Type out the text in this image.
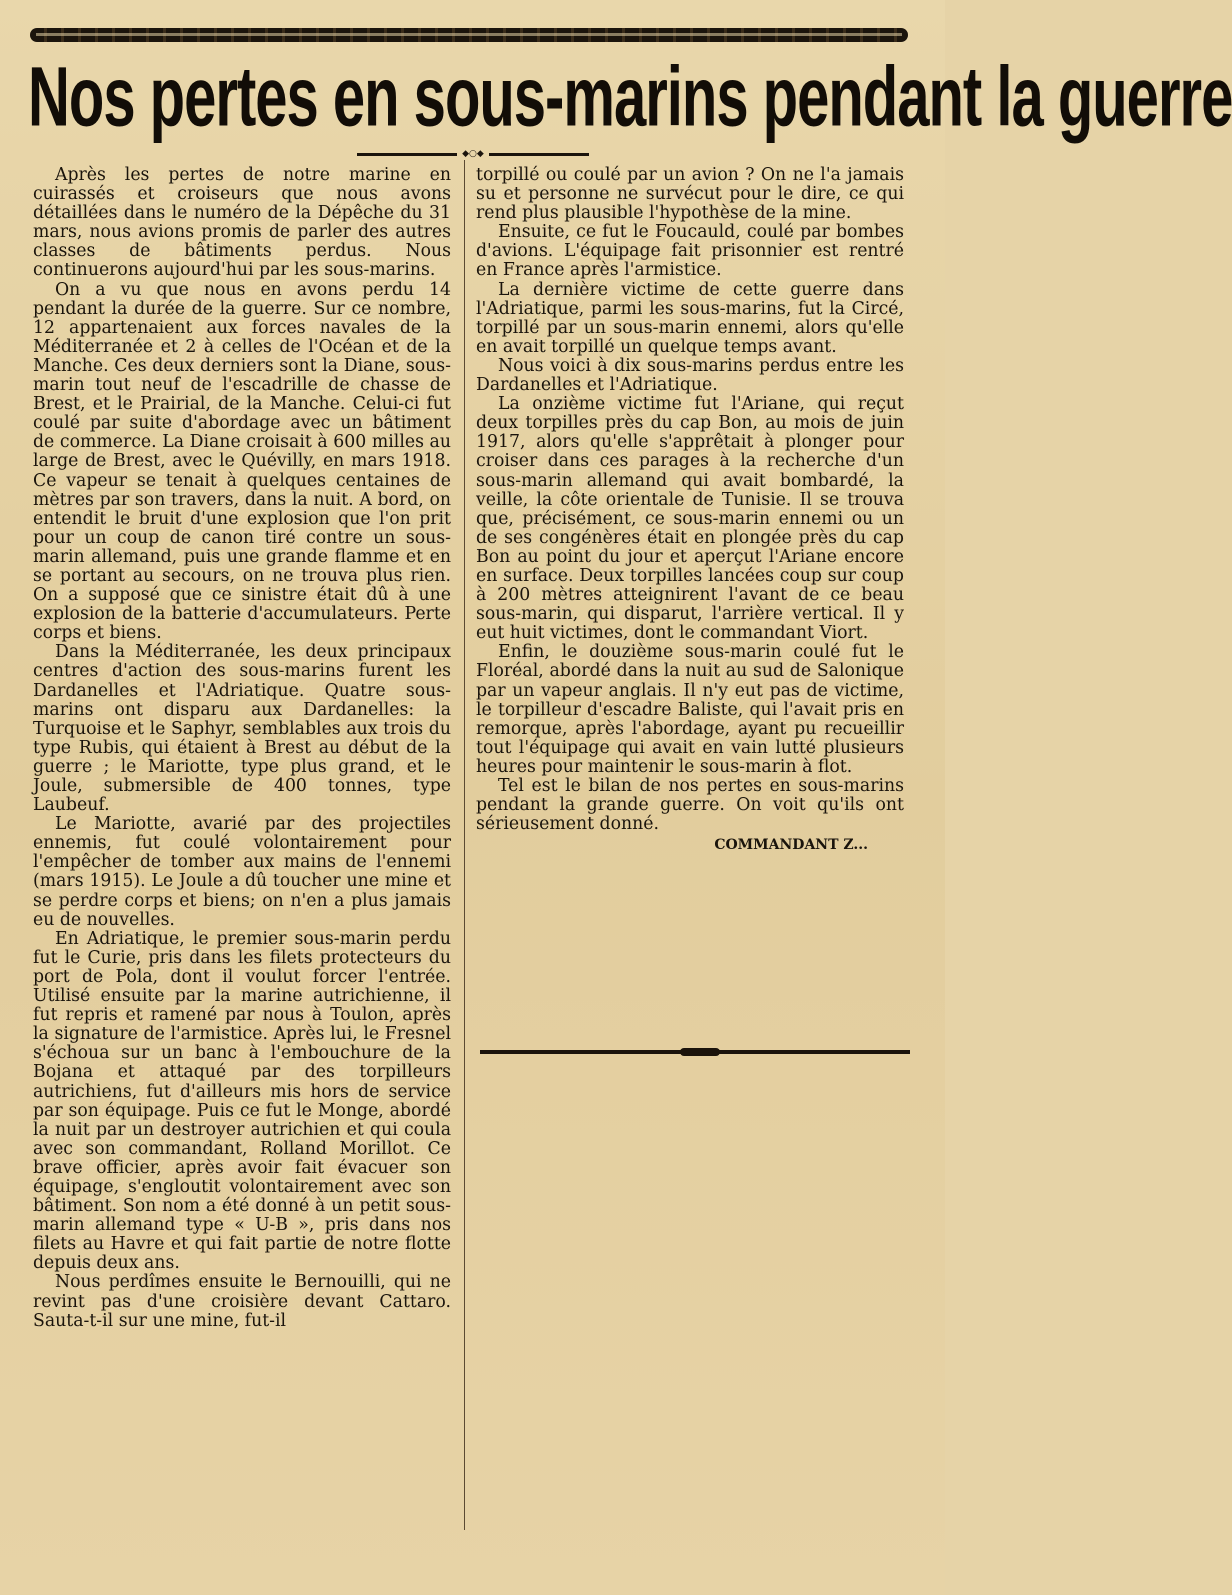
Nos pertes en sous-marins pendant la guerre
◆○◆

Après les pertes de notre marine en cuirassés et croiseurs que nous avons détaillées dans le numéro de la Dépêche du 31 mars, nous avions promis de parler des autres classes de bâtiments perdus. Nous continuerons aujourd'hui par les sous-marins.

On a vu que nous en avons perdu 14 pendant la durée de la guerre. Sur ce nombre, 12 appartenaient aux forces navales de la Méditerranée et 2 à celles de l'Océan et de la Manche. Ces deux derniers sont la Diane, sous-marin tout neuf de l'escadrille de chasse de Brest, et le Prairial, de la Manche. Celui-ci fut coulé par suite d'abordage avec un bâtiment de commerce. La Diane croisait à 600 milles au large de Brest, avec le Quévilly, en mars 1918. Ce vapeur se tenait à quelques centaines de mètres par son travers, dans la nuit. A bord, on entendit le bruit d'une explosion que l'on prit pour un coup de canon tiré contre un sous-marin allemand, puis une grande flamme et en se portant au secours, on ne trouva plus rien. On a supposé que ce sinistre était dû à une explosion de la batterie d'accumulateurs. Perte corps et biens.

Dans la Méditerranée, les deux principaux centres d'action des sous-marins furent les Dardanelles et l'Adriatique. Quatre sous-marins ont disparu aux Dardanelles: la Turquoise et le Saphyr, semblables aux trois du type Rubis, qui étaient à Brest au début de la guerre ; le Mariotte, type plus grand, et le Joule, submersible de 400 tonnes, type Laubeuf.

Le Mariotte, avarié par des projectiles ennemis, fut coulé volontairement pour l'empêcher de tomber aux mains de l'ennemi (mars 1915). Le Joule a dû toucher une mine et se perdre corps et biens; on n'en a plus jamais eu de nouvelles.

En Adriatique, le premier sous-marin perdu fut le Curie, pris dans les filets protecteurs du port de Pola, dont il voulut forcer l'entrée. Utilisé ensuite par la marine autrichienne, il fut repris et ramené par nous à Toulon, après la signature de l'armistice. Après lui, le Fresnel s'échoua sur un banc à l'embouchure de la Bojana et attaqué par des torpilleurs autrichiens, fut d'ailleurs mis hors de service par son équipage. Puis ce fut le Monge, abordé la nuit par un destroyer autrichien et qui coula avec son commandant, Rolland Morillot. Ce brave officier, après avoir fait évacuer son équipage, s'engloutit volontairement avec son bâtiment. Son nom a été donné à un petit sous-marin allemand type « U-B », pris dans nos filets au Havre et qui fait partie de notre flotte depuis deux ans.

Nous perdîmes ensuite le Bernouilli, qui ne revint pas d'une croisière devant Cattaro. Sauta-t-il sur une mine, fut-il

torpillé ou coulé par un avion ? On ne l'a jamais su et personne ne survécut pour le dire, ce qui rend plus plausible l'hypothèse de la mine.

Ensuite, ce fut le Foucauld, coulé par bombes d'avions. L'équipage fait prisonnier est rentré en France après l'armistice.

La dernière victime de cette guerre dans l'Adriatique, parmi les sous-marins, fut la Circé, torpillé par un sous-marin ennemi, alors qu'elle en avait torpillé un quelque temps avant.

Nous voici à dix sous-marins perdus entre les Dardanelles et l'Adriatique.

La onzième victime fut l'Ariane, qui reçut deux torpilles près du cap Bon, au mois de juin 1917, alors qu'elle s'apprêtait à plonger pour croiser dans ces parages à la recherche d'un sous-marin allemand qui avait bombardé, la veille, la côte orientale de Tunisie. Il se trouva que, précisément, ce sous-marin ennemi ou un de ses congénères était en plongée près du cap Bon au point du jour et aperçut l'Ariane encore en surface. Deux torpilles lancées coup sur coup à 200 mètres atteignirent l'avant de ce beau sous-marin, qui disparut, l'arrière vertical. Il y eut huit victimes, dont le commandant Viort.

Enfin, le douzième sous-marin coulé fut le Floréal, abordé dans la nuit au sud de Salonique par un vapeur anglais. Il n'y eut pas de victime, le torpilleur d'escadre Baliste, qui l'avait pris en remorque, après l'abordage, ayant pu recueillir tout l'équipage qui avait en vain lutté plusieurs heures pour maintenir le sous-marin à flot.

Tel est le bilan de nos pertes en sous-marins pendant la grande guerre. On voit qu'ils ont sérieusement donné.

COMMANDANT Z...
